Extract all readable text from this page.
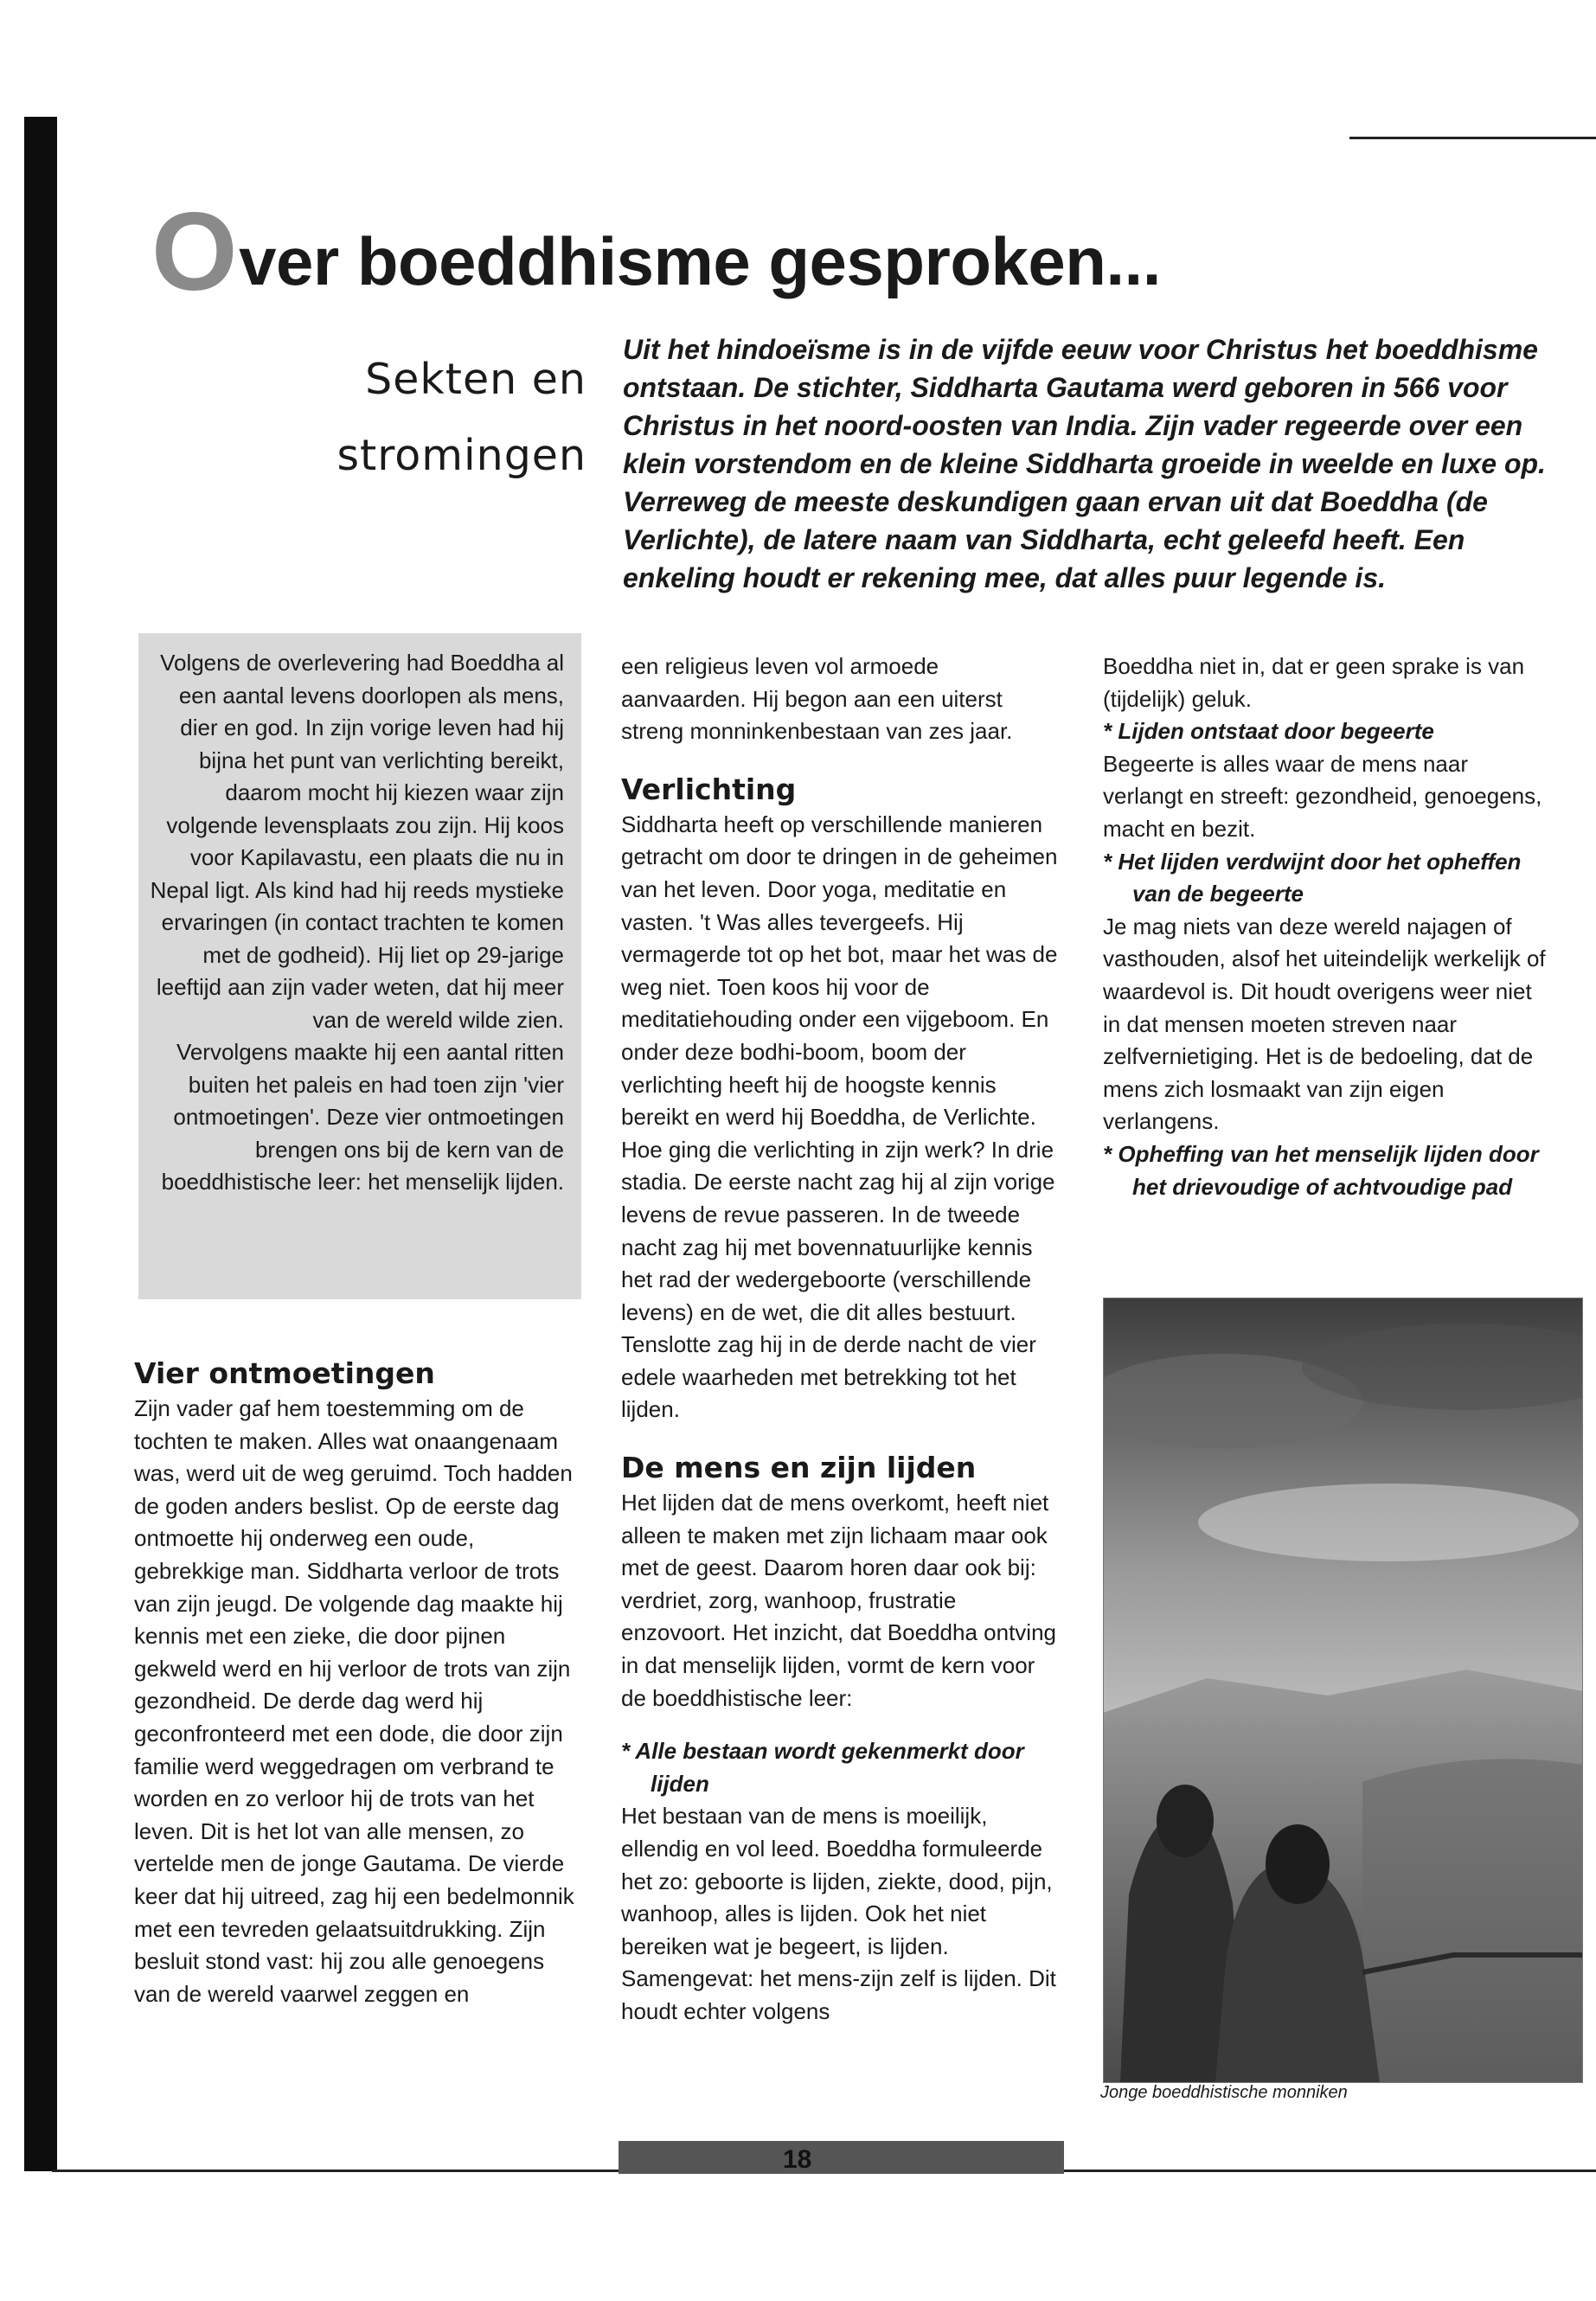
Over boeddhisme gesproken...
Sekten en
stromingen
Uit het hindoeïsme is in de vijfde eeuw voor Christus het boeddhisme ontstaan. De stichter, Siddharta Gautama werd geboren in 566 voor Christus in het noord-oosten van India. Zijn vader regeerde over een klein vorstendom en de kleine Siddharta groeide in weelde en luxe op. Verreweg de meeste deskundigen gaan ervan uit dat Boeddha (de Verlichte), de latere naam van Siddharta, echt geleefd heeft. Een enkeling houdt er rekening mee, dat alles puur legende is.

Volgens de overlevering had Boeddha al een aantal levens doorlopen als mens, dier en god. In zijn vorige leven had hij bijna het punt van verlichting bereikt, daarom mocht hij kiezen waar zijn volgende levensplaats zou zijn. Hij koos voor Kapilavastu, een plaats die nu in Nepal ligt. Als kind had hij reeds mystieke ervaringen (in contact trachten te komen met de godheid). Hij liet op 29-jarige leeftijd aan zijn vader weten, dat hij meer van de wereld wilde zien.

Vervolgens maakte hij een aantal ritten buiten het paleis en had toen zijn 'vier ontmoetingen'. Deze vier ontmoetingen brengen ons bij de kern van de boeddhistische leer: het menselijk lijden.

Vier ontmoetingen

Zijn vader gaf hem toestemming om de tochten te maken. Alles wat onaangenaam was, werd uit de weg geruimd. Toch hadden de goden anders beslist. Op de eerste dag ontmoette hij onderweg een oude, gebrekkige man. Siddharta verloor de trots van zijn jeugd. De volgende dag maakte hij kennis met een zieke, die door pijnen gekweld werd en hij verloor de trots van zijn gezondheid. De derde dag werd hij geconfronteerd met een dode, die door zijn familie werd weggedragen om verbrand te worden en zo verloor hij de trots van het leven. Dit is het lot van alle mensen, zo vertelde men de jonge Gautama. De vierde keer dat hij uitreed, zag hij een bedelmonnik met een tevreden gelaatsuitdrukking. Zijn besluit stond vast: hij zou alle genoegens van de wereld vaarwel zeggen en

een religieus leven vol armoede aanvaarden. Hij begon aan een uiterst streng monninkenbestaan van zes jaar.

Verlichting

Siddharta heeft op verschillende manieren getracht om door te dringen in de geheimen van het leven. Door yoga, meditatie en vasten. 't Was alles tevergeefs. Hij vermagerde tot op het bot, maar het was de weg niet. Toen koos hij voor de meditatiehouding onder een vijgeboom. En onder deze bodhi-boom, boom der verlichting heeft hij de hoogste kennis bereikt en werd hij Boeddha, de Verlichte. Hoe ging die verlichting in zijn werk? In drie stadia. De eerste nacht zag hij al zijn vorige levens de revue passeren. In de tweede nacht zag hij met bovennatuurlijke kennis het rad der wedergeboorte (verschillende levens) en de wet, die dit alles bestuurt. Tenslotte zag hij in de derde nacht de vier edele waarheden met betrekking tot het lijden.

De mens en zijn lijden

Het lijden dat de mens overkomt, heeft niet alleen te maken met zijn lichaam maar ook met de geest. Daarom horen daar ook bij: verdriet, zorg, wanhoop, frustratie enzovoort. Het inzicht, dat Boeddha ontving in dat menselijk lijden, vormt de kern voor de boeddhistische leer:

* Alle bestaan wordt gekenmerkt door lijden

Het bestaan van de mens is moeilijk, ellendig en vol leed. Boeddha formuleerde het zo: geboorte is lijden, ziekte, dood, pijn, wanhoop, alles is lijden. Ook het niet bereiken wat je begeert, is lijden. Samengevat: het mens-zijn zelf is lijden. Dit houdt echter volgens

Boeddha niet in, dat er geen sprake is van (tijdelijk) geluk.

* Lijden ontstaat door begeerte

Begeerte is alles waar de mens naar verlangt en streeft: gezondheid, genoegens, macht en bezit.

* Het lijden verdwijnt door het opheffen van de begeerte

Je mag niets van deze wereld najagen of vasthouden, alsof het uiteindelijk werkelijk of waardevol is. Dit houdt overigens weer niet in dat mensen moeten streven naar zelfvernietiging. Het is de bedoeling, dat de mens zich losmaakt van zijn eigen verlangens.

* Opheffing van het menselijk lijden door het drievoudige of achtvoudige pad

Jonge boeddhistische monniken
18
